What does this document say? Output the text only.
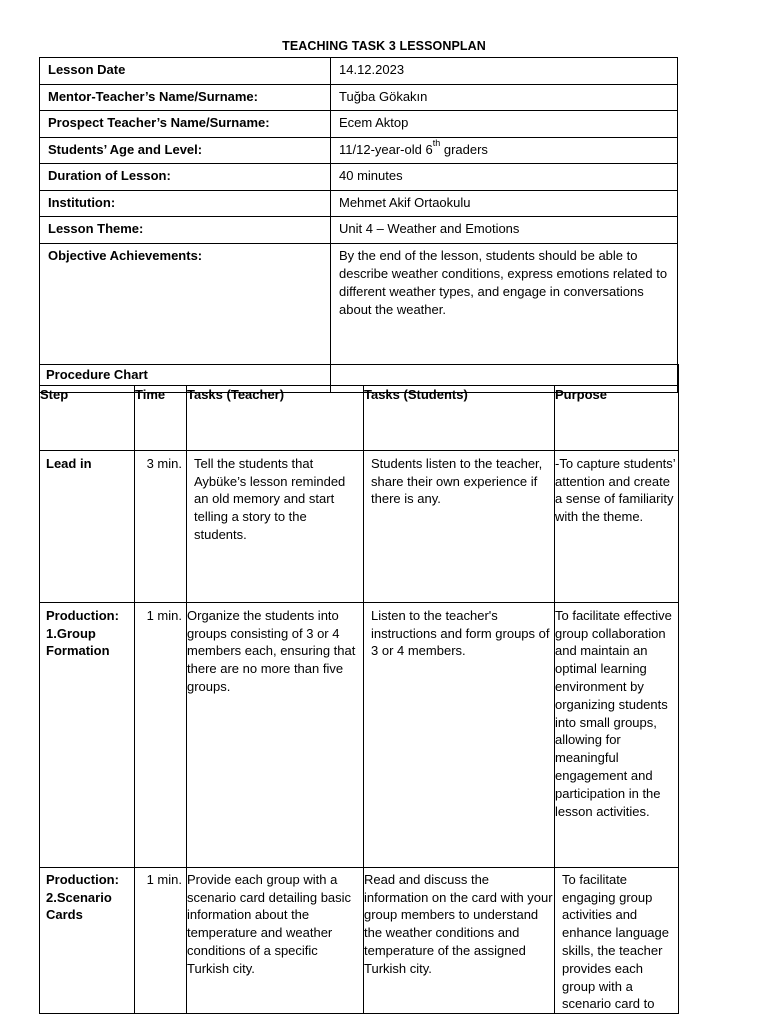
TEACHING TASK 3 LESSONPLAN
Lesson Date	14.12.2023
Mentor-Teacher’s Name/Surname:	Tuğba Gökakın
Prospect Teacher’s Name/Surname:	Ecem Aktop
Students’ Age and Level:	11/12-year-old 6th graders
Duration of Lesson:	40 minutes
Institution:	Mehmet Akif Ortaokulu
Lesson Theme:	Unit 4 – Weather and Emotions
Objective Achievements:	By the end of the lesson, students should be able to describe weather conditions, express emotions related to different weather types, and engage in conversations about the weather.
Procedure Chart				
Step	Time	Tasks (Teacher)	Tasks (Students)	Purpose
Lead in	3 min.	Tell the students that Aybüke’s lesson reminded an old memory and start telling a story to the students.	Students listen to the teacher, share their own experience if there is any.	-To capture students’ attention and create a sense of familiarity with the theme.
Production: 1.Group Formation	1 min.	Organize the students into groups consisting of 3 or 4 members each, ensuring that there are no more than five groups.	Listen to the teacher's instructions and form groups of 3 or 4 members.	To facilitate effective group collaboration and maintain an optimal learning environment by organizing students into small groups, allowing for meaningful engagement and participation in the lesson activities.
Production: 2.Scenario Cards	1 min.	Provide each group with a scenario card detailing basic information about the temperature and weather conditions of a specific Turkish city.	Read and discuss the information on the card with your group members to understand the weather conditions and temperature of the assigned Turkish city.	To facilitate engaging group activities and enhance language skills, the teacher provides each group with a scenario card to
